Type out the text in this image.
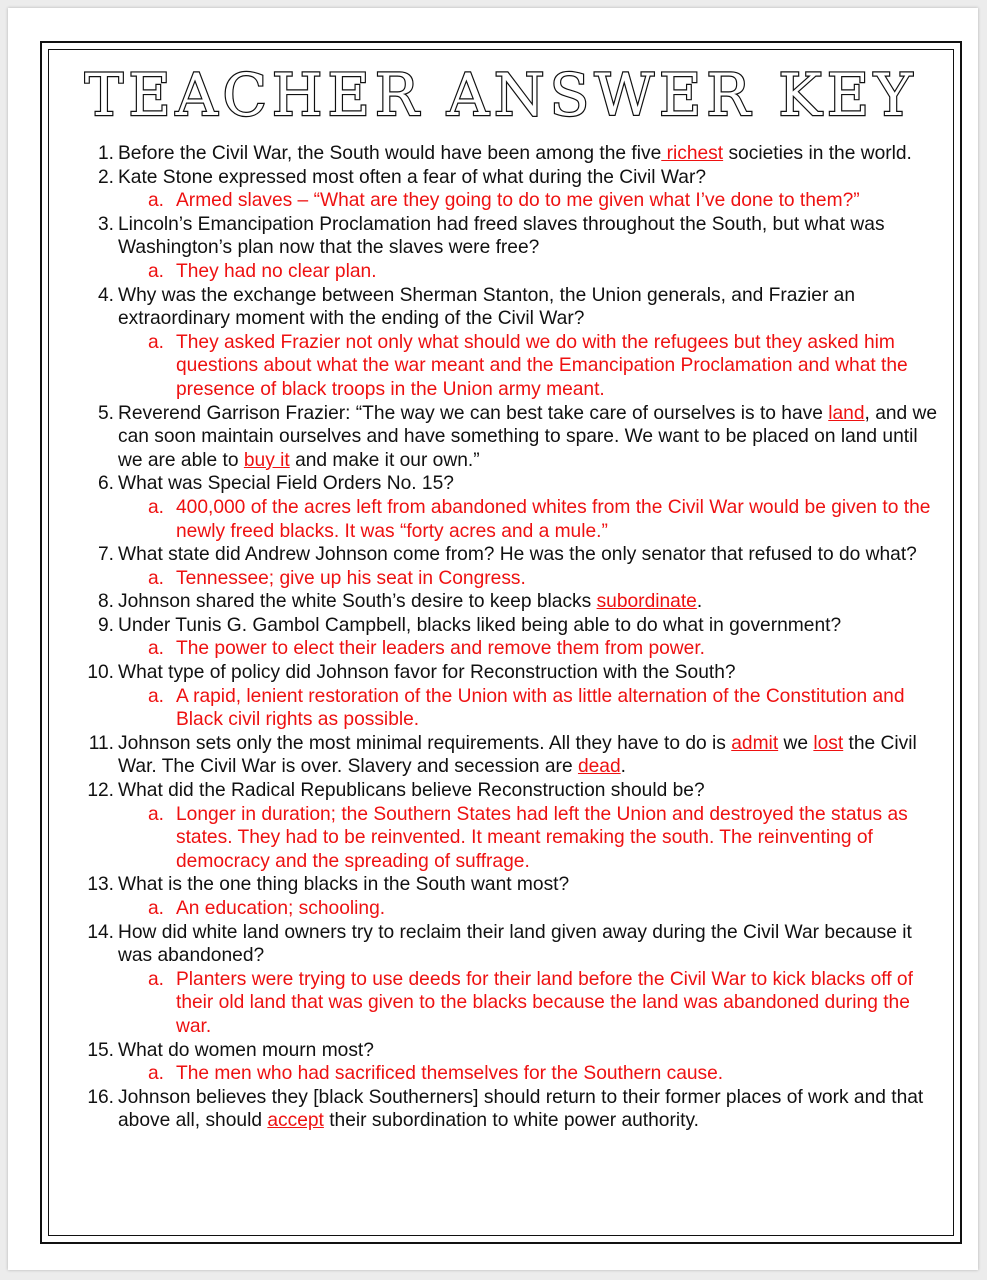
TEACHER ANSWER KEY
1. Before the Civil War, the South would have been among the five richest societies in the world.
2. Kate Stone expressed most often a fear of what during the Civil War?
a. Armed slaves – “What are they going to do to me given what I’ve done to them?”
3. Lincoln’s Emancipation Proclamation had freed slaves throughout the South, but what was Washington’s plan now that the slaves were free?
a. They had no clear plan.
4. Why was the exchange between Sherman Stanton, the Union generals, and Frazier an extraordinary moment with the ending of the Civil War?
a. They asked Frazier not only what should we do with the refugees but they asked him questions about what the war meant and the Emancipation Proclamation and what the presence of black troops in the Union army meant.
5. Reverend Garrison Frazier: “The way we can best take care of ourselves is to have land, and we can soon maintain ourselves and have something to spare. We want to be placed on land until we are able to buy it and make it our own.”
6. What was Special Field Orders No. 15?
a. 400,000 of the acres left from abandoned whites from the Civil War would be given to the newly freed blacks. It was “forty acres and a mule.”
7. What state did Andrew Johnson come from? He was the only senator that refused to do what?
a. Tennessee; give up his seat in Congress.
8. Johnson shared the white South’s desire to keep blacks subordinate.
9. Under Tunis G. Gambol Campbell, blacks liked being able to do what in government?
a. The power to elect their leaders and remove them from power.
10. What type of policy did Johnson favor for Reconstruction with the South?
a. A rapid, lenient restoration of the Union with as little alternation of the Constitution and Black civil rights as possible.
11. Johnson sets only the most minimal requirements. All they have to do is admit we lost the Civil War. The Civil War is over. Slavery and secession are dead.
12. What did the Radical Republicans believe Reconstruction should be?
a. Longer in duration; the Southern States had left the Union and destroyed the status as states. They had to be reinvented. It meant remaking the south. The reinventing of democracy and the spreading of suffrage.
13. What is the one thing blacks in the South want most?
a. An education; schooling.
14. How did white land owners try to reclaim their land given away during the Civil War because it was abandoned?
a. Planters were trying to use deeds for their land before the Civil War to kick blacks off of their old land that was given to the blacks because the land was abandoned during the war.
15. What do women mourn most?
a. The men who had sacrificed themselves for the Southern cause.
16. Johnson believes they [black Southerners] should return to their former places of work and that above all, should accept their subordination to white power authority.
